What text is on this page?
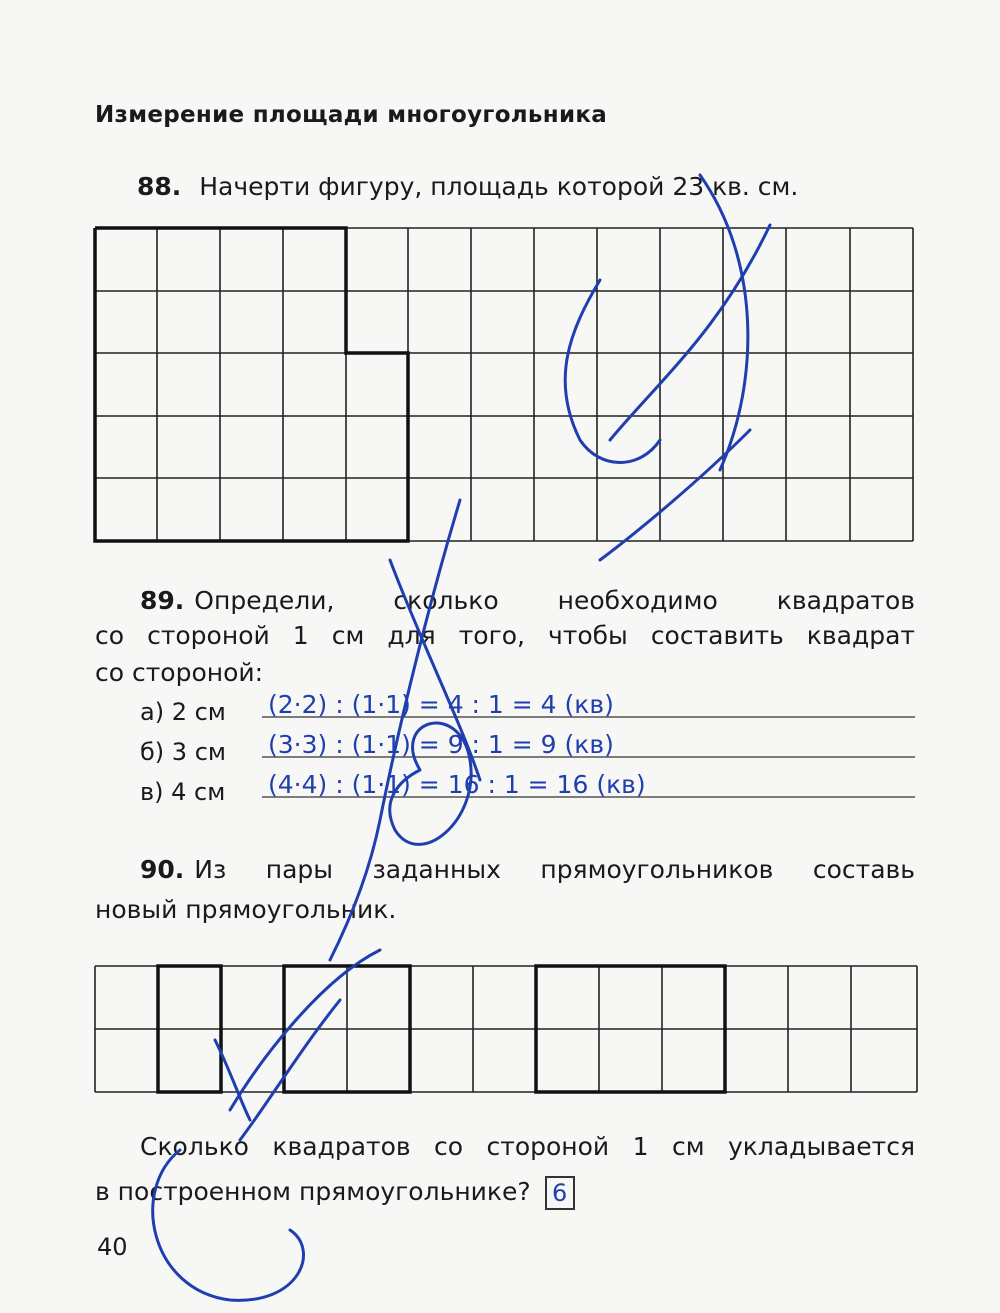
Измерение площади многоугольника
88. Начерти фигуру, площадь которой 23 кв. см.
89. Определи, сколько необходимо квадратов
со стороной 1 см для того, чтобы составить квадрат
со стороной:
а) 2 см
б) 3 см
в) 4 см
(2·2) : (1·1) = 4 : 1 = 4 (кв)
(3·3) : (1·1) = 9 : 1 = 9 (кв)
(4·4) : (1·1) = 16 : 1 = 16 (кв)
90. Из пары заданных прямоугольников составь
новый прямоугольник.
Сколько квадратов со стороной 1 см укладывается
в построенном прямоугольнике? 6
40
